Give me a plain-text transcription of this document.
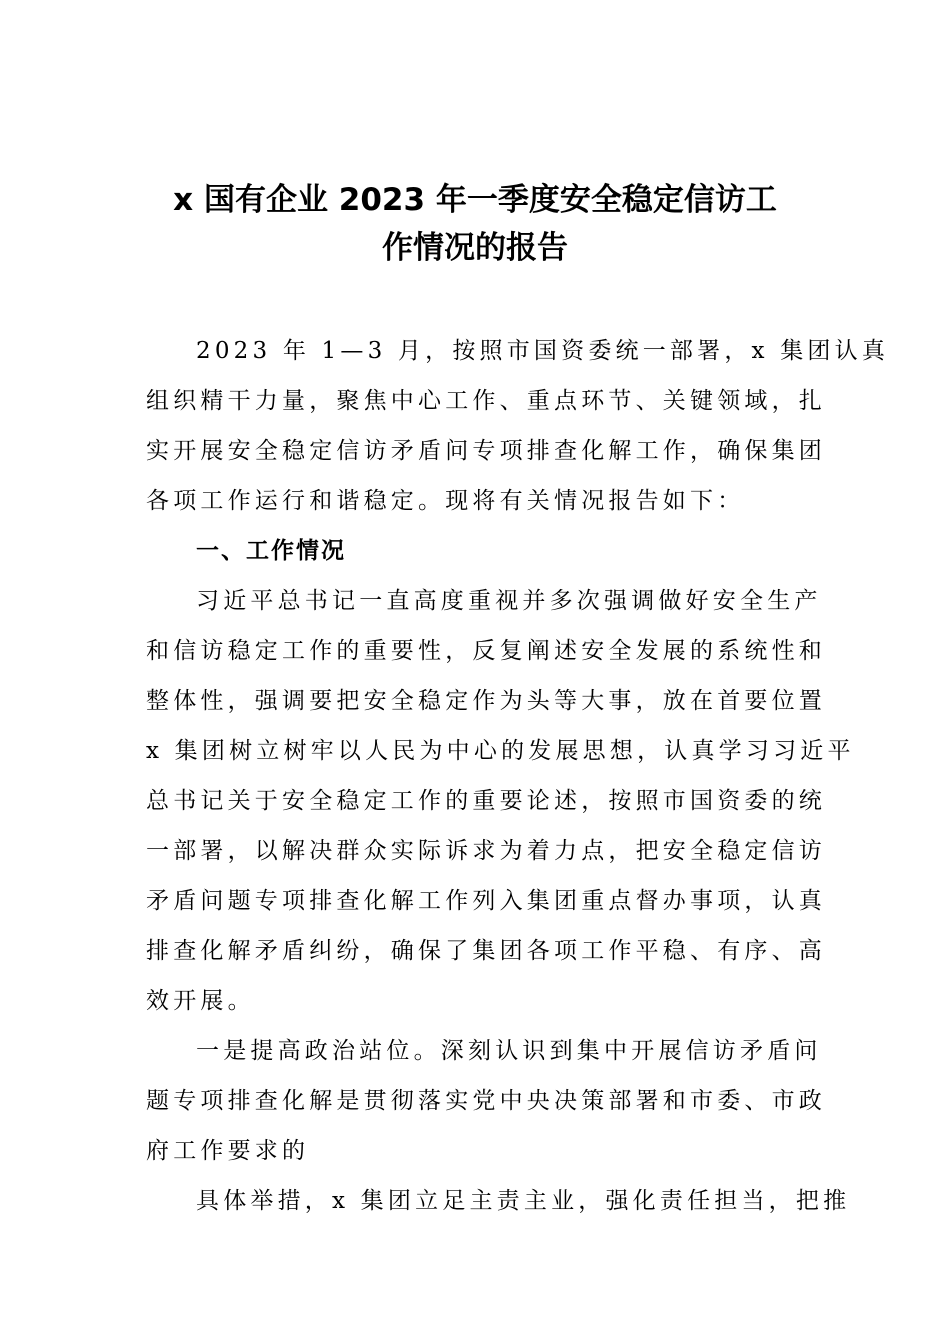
x 国有企业 2023 年一季度安全稳定信访工
作情况的报告

2023 年 1—3 月，按照市国资委统一部署，x 集团认真

组织精干力量，聚焦中心工作、重点环节、关键领域，扎

实开展安全稳定信访矛盾问专项排查化解工作，确保集团

各项工作运行和谐稳定。现将有关情况报告如下：

一、工作情况

习近平总书记一直高度重视并多次强调做好安全生产

和信访稳定工作的重要性，反复阐述安全发展的系统性和

整体性，强调要把安全稳定作为头等大事，放在首要位置

x 集团树立树牢以人民为中心的发展思想，认真学习习近平

总书记关于安全稳定工作的重要论述，按照市国资委的统

一部署，以解决群众实际诉求为着力点，把安全稳定信访

矛盾问题专项排查化解工作列入集团重点督办事项，认真

排查化解矛盾纠纷，确保了集团各项工作平稳、有序、高

效开展。

一是提高政治站位。深刻认识到集中开展信访矛盾问

题专项排查化解是贯彻落实党中央决策部署和市委、市政

府工作要求的

具体举措，x 集团立足主责主业，强化责任担当，把推
